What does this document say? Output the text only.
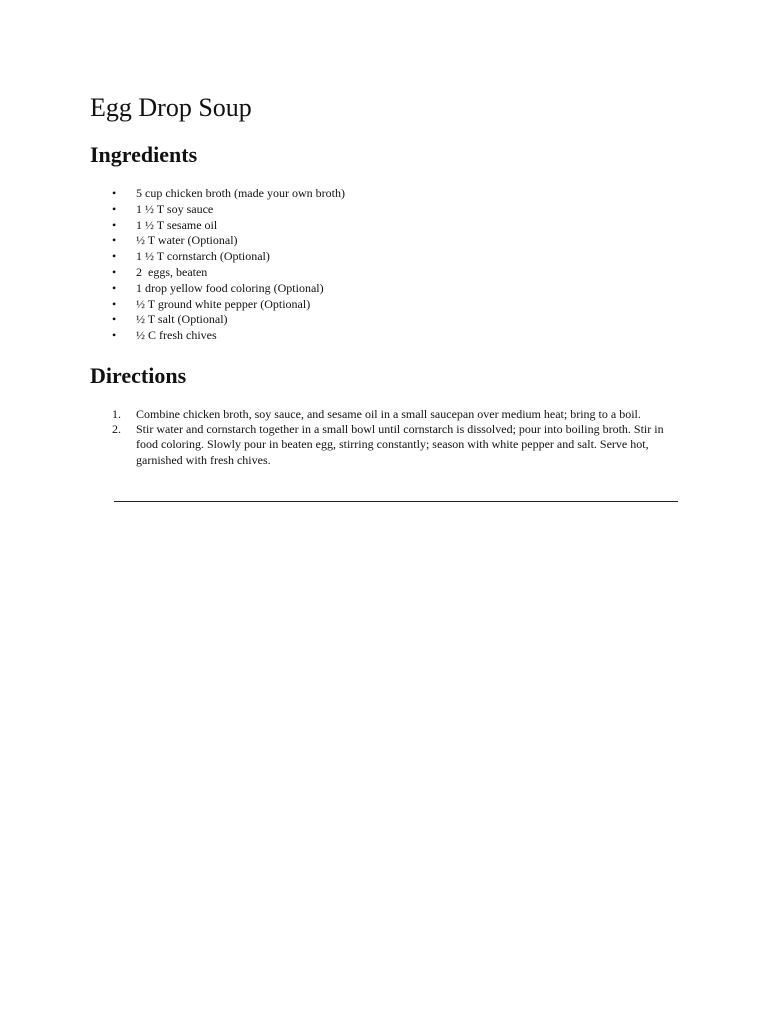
Egg Drop Soup
Ingredients
• 5 cup chicken broth (made your own broth)
• 1 ½ T soy sauce
• 1 ½ T sesame oil
• ½ T water (Optional)
• 1 ½ T cornstarch (Optional)
• 2  eggs, beaten
• 1 drop yellow food coloring (Optional)
• ½ T ground white pepper (Optional)
• ½ T salt (Optional)
• ½ C fresh chives
Directions
1. Combine chicken broth, soy sauce, and sesame oil in a small saucepan over medium heat; bring to a boil.
2. Stir water and cornstarch together in a small bowl until cornstarch is dissolved; pour into boiling broth. Stir in food coloring. Slowly pour in beaten egg, stirring constantly; season with white pepper and salt. Serve hot, garnished with fresh chives.
